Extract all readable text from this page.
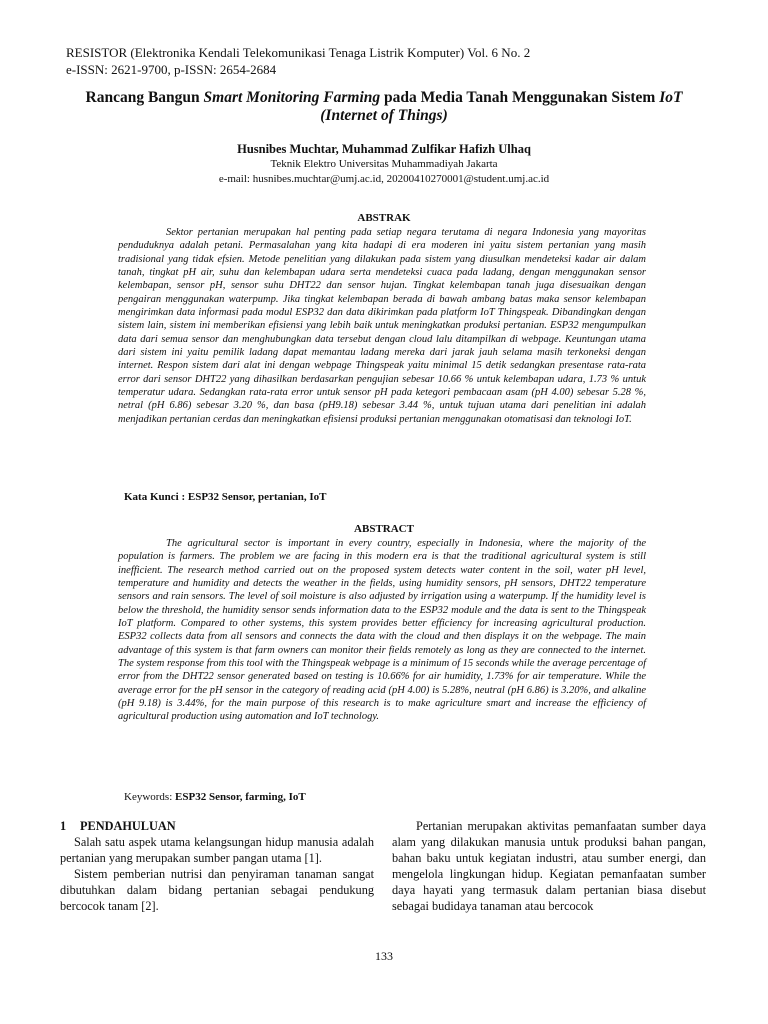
RESISTOR (Elektronika Kendali Telekomunikasi Tenaga Listrik Komputer) Vol. 6 No. 2
e-ISSN: 2621-9700, p-ISSN: 2654-2684
Rancang Bangun Smart Monitoring Farming pada Media Tanah Menggunakan Sistem IoT (Internet of Things)
Husnibes Muchtar, Muhammad Zulfikar Hafizh Ulhaq
Teknik Elektro Universitas Muhammadiyah Jakarta
e-mail: husnibes.muchtar@umj.ac.id, 20200410270001@student.umj.ac.id
ABSTRAK

Sektor pertanian merupakan hal penting pada setiap negara terutama di negara Indonesia yang mayoritas penduduknya adalah petani. Permasalahan yang kita hadapi di era moderen ini yaitu sistem pertanian yang masih tradisional yang tidak efsien. Metode penelitian yang dilakukan pada sistem yang diusulkan mendeteksi kadar air dalam tanah, tingkat pH air, suhu dan kelembapan udara serta mendeteksi cuaca pada ladang, dengan menggunakan sensor kelembapan, sensor pH, sensor suhu DHT22 dan sensor hujan. Tingkat kelembapan tanah juga disesuaikan dengan pengairan menggunakan waterpump. Jika tingkat kelembapan berada di bawah ambang batas maka sensor kelembapan mengirimkan data informasi pada modul ESP32 dan data dikirimkan pada platform IoT Thingspeak. Dibandingkan dengan sistem lain, sistem ini memberikan efisiensi yang lebih baik untuk meningkatkan produksi pertanian. ESP32 mengumpulkan data dari semua sensor dan menghubungkan data tersebut dengan cloud lalu ditampilkan di webpage. Keuntungan utama dari sistem ini yaitu pemilik ladang dapat memantau ladang mereka dari jarak jauh selama masih terkoneksi dengan internet. Respon sistem dari alat ini dengan webpage Thingspeak yaitu minimal 15 detik sedangkan presentase rata-rata error dari sensor DHT22 yang dihasilkan berdasarkan pengujian sebesar 10.66 % untuk kelembapan udara, 1.73 % untuk temperatur udara. Sedangkan rata-rata error untuk sensor pH pada ketegori pembacaan asam (pH 4.00) sebesar 5.28 %, netral (pH 6.86) sebesar 3.20 %, dan basa (pH9.18) sebesar 3.44 %, untuk tujuan utama dari penelitian ini adalah menjadikan pertanian cerdas dan meningkatkan efisiensi produksi pertanian menggunakan otomatisasi dan teknologi IoT.

Kata Kunci : ESP32 Sensor, pertanian, IoT
ABSTRACT

The agricultural sector is important in every country, especially in Indonesia, where the majority of the population is farmers. The problem we are facing in this modern era is that the traditional agricultural system is still inefficient. The research method carried out on the proposed system detects water content in the soil, water pH level, temperature and humidity and detects the weather in the fields, using humidity sensors, pH sensors, DHT22 temperature sensors and rain sensors. The level of soil moisture is also adjusted by irrigation using a waterpump. If the humidity level is below the threshold, the humidity sensor sends information data to the ESP32 module and the data is sent to the Thingspeak IoT platform. Compared to other systems, this system provides better efficiency for increasing agricultural production. ESP32 collects data from all sensors and connects the data with the cloud and then displays it on the webpage. The main advantage of this system is that farm owners can monitor their fields remotely as long as they are connected to the internet. The system response from this tool with the Thingspeak webpage is a minimum of 15 seconds while the average percentage of error from the DHT22 sensor generated based on testing is 10.66% for air humidity, 1.73% for air temperature. While the average error for the pH sensor in the category of reading acid (pH 4.00) is 5.28%, neutral (pH 6.86) is 3.20%, and alkaline (pH 9.18) is 3.44%, for the main purpose of this research is to make agriculture smart and increase the efficiency of agricultural production using automation and IoT technology.

Keywords: ESP32 Sensor, farming, IoT
1 PENDAHULUAN

Salah satu aspek utama kelangsungan hidup manusia adalah pertanian yang merupakan sumber pangan utama [1].

Sistem pemberian nutrisi dan penyiraman tanaman sangat dibutuhkan dalam bidang pertanian sebagai pendukung bercocok tanam [2].

Pertanian merupakan aktivitas pemanfaatan sumber daya alam yang dilakukan manusia untuk produksi bahan pangan, bahan baku untuk kegiatan industri, atau sumber energi, dan mengelola lingkungan hidup. Kegiatan pemanfaatan sumber daya hayati yang termasuk dalam pertanian biasa disebut sebagai budidaya tanaman atau bercocok

133
